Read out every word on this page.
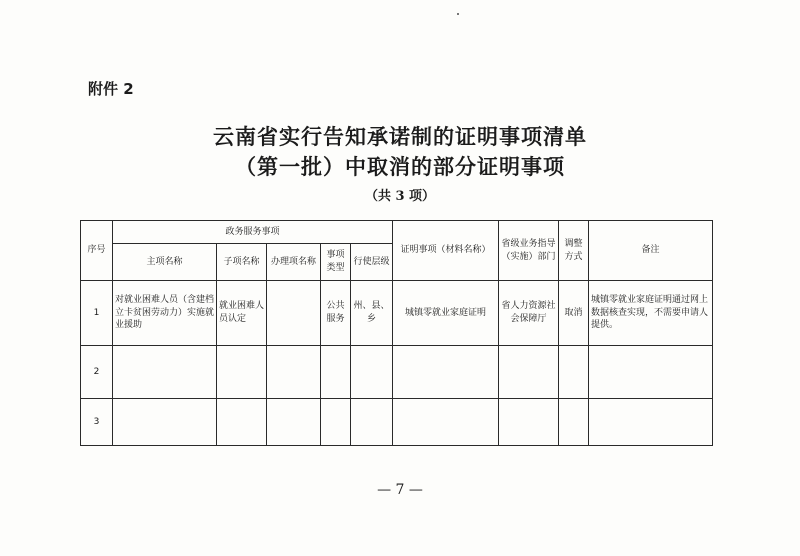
附件 2
云南省实行告知承诺制的证明事项清单
（第一批）中取消的部分证明事项
（共 3 项）
序号	政务服务事项					证明事项（材料名称）	省级业务指导（实施）部门	调整方式	备注
	主项名称	子项名称	办理项名称	事项类型	行使层级				
1	对就业困难人员（含建档立卡贫困劳动力）实施就业援助	就业困难人员认定		公共服务	州、县、乡	城镇零就业家庭证明	省人力资源社会保障厅	取消	城镇零就业家庭证明通过网上数据核查实现，不需要申请人提供。
2									
3									
— 7 —
